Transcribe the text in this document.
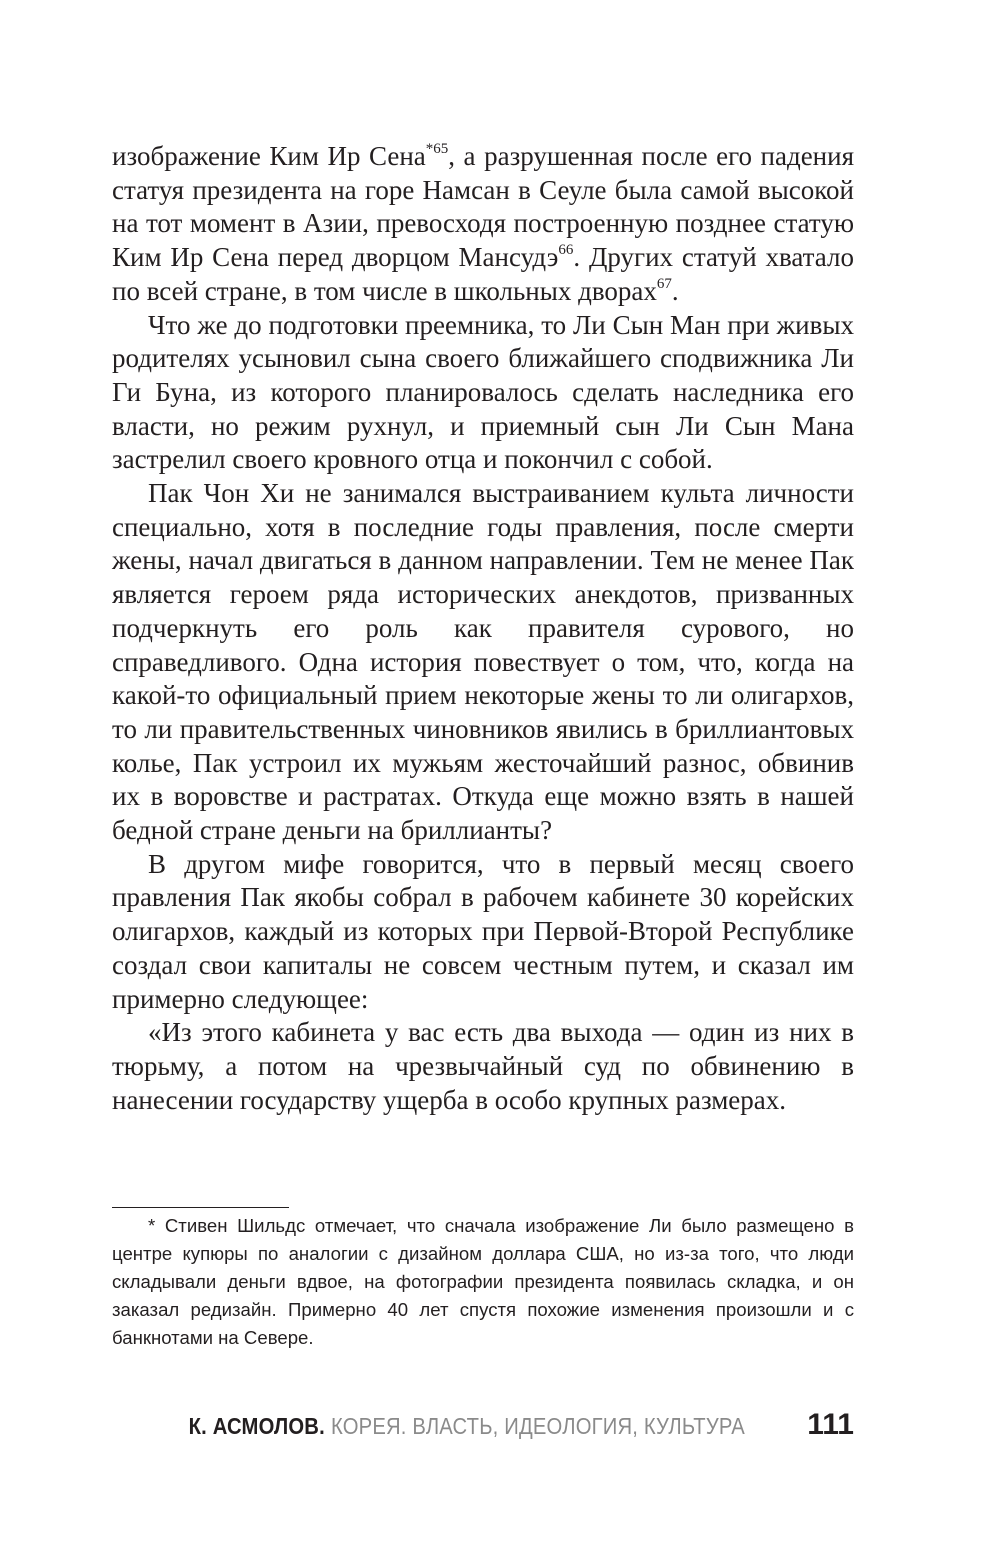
изображение Ким Ир Сена$^{*65}$, а разрушенная после его падения статуя президента на горе Намсан в Сеуле была самой высокой на тот момент в Азии, превосходя построенную позднее статую Ким Ир Сена перед дворцом Мансудэ$^{66}$. Других статуй хватало по всей стране, в том числе в школьных дворах$^{67}$.

Что же до подготовки преемника, то Ли Сын Ман при живых родителях усыновил сына своего ближайшего сподвижника Ли Ги Буна, из которого планировалось сделать наследника его власти, но режим рухнул, и приемный сын Ли Сын Мана застрелил своего кровного отца и покончил с собой.

Пак Чон Хи не занимался выстраиванием культа личности специально, хотя в последние годы правления, после смерти жены, начал двигаться в данном направлении. Тем не менее Пак является героем ряда исторических анекдотов, призванных подчеркнуть его роль как правителя сурового, но справедливого. Одна история повествует о том, что, когда на какой-то официальный прием некоторые жены то ли олигархов, то ли правительственных чиновников явились в бриллиантовых колье, Пак устроил их мужьям жесточайший разнос, обвинив их в воровстве и растратах. Откуда еще можно взять в нашей бедной стране деньги на бриллианты?

В другом мифе говорится, что в первый месяц своего правления Пак якобы собрал в рабочем кабинете 30 корейских олигархов, каждый из которых при Первой-Второй Республике создал свои капиталы не совсем честным путем, и сказал им примерно следующее:

«Из этого кабинета у вас есть два выхода — один из них в тюрьму, а потом на чрезвычайный суд по обвинению в нанесении государству ущерба в особо крупных размерах.

* Стивен Шильдс отмечает, что сначала изображение Ли было размещено в центре купюры по аналогии с дизайном доллара США, но из-за того, что люди складывали деньги вдвое, на фотографии президента появилась складка, и он заказал редизайн. Примерно 40 лет спустя похожие изменения произошли и с банкнотами на Севере.

К. АСМОЛОВ. КОРЕЯ. ВЛАСТЬ, ИДЕОЛОГИЯ, КУЛЬТУРА 111
